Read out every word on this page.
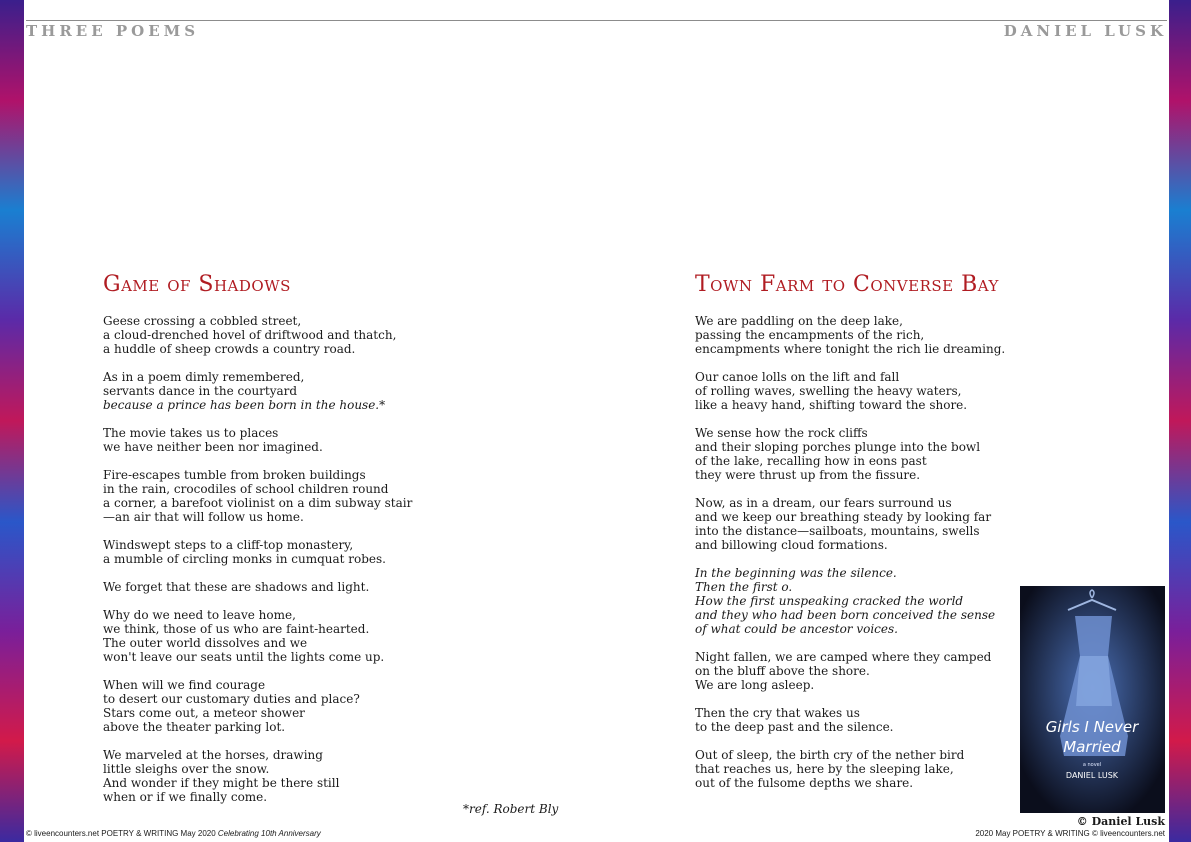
THREE POEMS	DANIEL LUSK
Game of Shadows
Geese crossing a cobbled street,
a cloud-drenched hovel of driftwood and thatch,
a huddle of sheep crowds a country road.
As in a poem dimly remembered,
servants dance in the courtyard
because a prince has been born in the house.*
The movie takes us to places
we have neither been nor imagined.
Fire-escapes tumble from broken buildings
in the rain, crocodiles of school children round
a corner, a barefoot violinist on a dim subway stair
—an air that will follow us home.
Windswept steps to a cliff-top monastery,
a mumble of circling monks in cumquat robes.
We forget that these are shadows and light.
Why do we need to leave home,
we think, those of us who are faint-hearted.
The outer world dissolves and we
won't leave our seats until the lights come up.
When will we find courage
to desert our customary duties and place?
Stars come out, a meteor shower
above the theater parking lot.
We marveled at the horses, drawing
little sleighs over the snow.
And wonder if they might be there still
when or if we finally come.
*ref. Robert Bly
Town Farm to Converse Bay
We are paddling on the deep lake,
passing the encampments of the rich,
encampments where tonight the rich lie dreaming.
Our canoe lolls on the lift and fall
of rolling waves, swelling the heavy waters,
like a heavy hand, shifting toward the shore.
We sense how the rock cliffs
and their sloping porches plunge into the bowl
of the lake, recalling how in eons past
they were thrust up from the fissure.
Now, as in a dream, our fears surround us
and we keep our breathing steady by looking far
into the distance—sailboats, mountains, swells
and billowing cloud formations.
In the beginning was the silence.
Then the first o.
How the first unspeaking cracked the world
and they who had been born conceived the sense
of what could be ancestor voices.
Night fallen, we are camped where they camped
on the bluff above the shore.
We are long asleep.
Then the cry that wakes us
to the deep past and the silence.
Out of sleep, the birth cry of the nether bird
that reaches us, here by the sleeping lake,
out of the fulsome depths we share.
Girls I Never
Married
a novel
DANIEL LUSK
© Daniel Lusk
© liveencounters.net POETRY & WRITING May 2020 Celebrating 10th Anniversary	2020 May POETRY & WRITING © liveencounters.net
